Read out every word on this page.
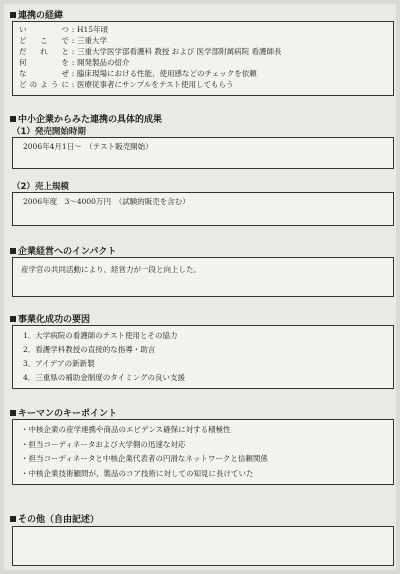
連携の経緯
いつ : H15年頃
どこで : 三重大学
だれと : 三重大学医学部看護科 教授 および 医学部附属病院 看護師長
何を : 開発製品の紹介
なぜ : 臨床現場における性能、使用感などのチェックを依頼
どのように : 医療従事者にサンプルをテスト使用してもらう
中小企業からみた連携の具体的成果
（1）発売開始時期
2006年4月1日〜　（テスト販売開始）
（2）売上規模
2006年度　3〜4000万円　（試験的販売を含む）
企業経営へのインパクト
産学官の共同活動により、経営力が一段と向上した。
事業化成功の要因
1．大学病院の看護師のテスト使用とその協力
2．看護学科教授の直接的な指導・助言
3．アイデアの新新製
4．三重県の補助金制度のタイミングの良い支援
キーマンのキーポイント
・中核企業の産学連携や商品のエビデンス確保に対する積極性
・担当コーディネータおよび大学側の迅速な対応
・担当コーディネータと中核企業代表者の円滑なネットワークと信頼関係
・中核企業技術顧問が、製品のコア技術に対しての知見に長けていた
その他（自由記述）
